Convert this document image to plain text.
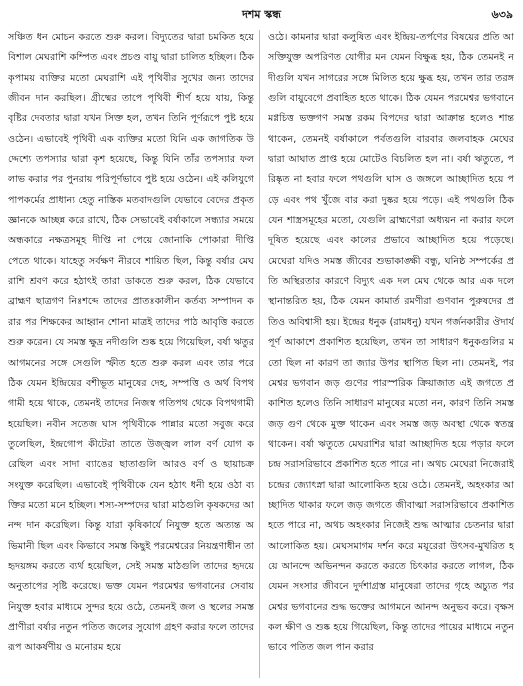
দশম স্কন্ধ	৬৩৯

সঞ্চিত ধন মোচন করতে শুরু করল। বিদ্যুতের দ্বারা চমকিত হয়ে বিশাল মেঘরাশি কম্পিত এবং প্রচণ্ড বায়ু দ্বারা চালিত হচ্ছিল। ঠিক কৃপাময় ব্যক্তির মতো মেঘরাশি এই পৃথিবীর সুখের জন্য তাদের জীবন দান করছিল। গ্রীষ্মের তাপে পৃথিবী শীর্ণ হয়ে যায়, কিন্তু বৃষ্টির দেবতার দ্বারা যখন সিক্ত হল, তখন তিনি পূর্ণরূপে পুষ্ট হয়ে ওঠেন। এভাবেই পৃথিবী এক ব্যক্তির মতো যিনি এক জাগতিক উদ্দেশ্যে তপস্যার দ্বারা কৃশ হয়েছে, কিন্তু যিনি তাঁর তপস্যার ফল লাভ করার পর পুনরায় পরিপূর্ণভাবে পুষ্ট হয়ে ওঠেন। এই কলিযুগে পাপকর্মের প্রাধান্য হেতু নাস্তিক মতবাদগুলি যেভাবে বেদের প্রকৃত জ্ঞানকে আচ্ছন্ন করে রাখে, ঠিক সেভাবেই বর্ষাকালে সন্ধ্যার সময়ে অন্ধকারে নক্ষত্রসমূহ দীপ্তি না পেয়ে জোনাকি পোকারা দীপ্তি পেতে থাকে। যাহেতু সর্বক্ষণ নীরবে শায়িত ছিল, কিন্তু বর্ষার মেঘরাশি শ্রবণ করে হঠাৎই তারা ডাকতে শুরু করল, ঠিক যেভাবে ব্রাহ্মণ ছাত্রগণ নিঃশব্দে তাদের প্রাতঃকালীন কর্তব্য সম্পাদন করার পর শিক্ষকের আহ্বান শোনা মাত্রই তাদের পাঠ আবৃত্তি করতে শুরু করেন। যে সমস্ত ক্ষুদ্র নদীগুলি শুষ্ক হয়ে গিয়েছিল, বর্ষা ঋতুর আগমনের সঙ্গে সেগুলি স্ফীত হতে শুরু করল এবং তার পরে ঠিক যেমন ইন্দ্রিয়ের বশীভূত মানুষের দেহ, সম্পত্তি ও অর্থ বিপথগামী হয়ে থাকে, তেমনই তাদের নিজস্ব গতিপথ থেকে বিপথগামী হয়েছিল। নবীন সতেজ ঘাস পৃথিবীকে পান্নার মতো সবুজ করে তুলেছিল, ইন্দ্রগোপ কীটেরা তাতে উজ্জ্বল লাল বর্ণ যোগ করেছিল এবং সাদা ব্যাঙের ছাতাগুলি আরও বর্ণ ও ছায়াচক্র সংযুক্ত করেছিল। এভাবেই পৃথিবীকে যেন হঠাৎ ধনী হয়ে ওঠা ব্যক্তির মতো মনে হচ্ছিল। শস্য-সম্পদের দ্বারা মাঠগুলি কৃষকদের আনন্দ দান করেছিল। কিন্তু যারা কৃষিকার্যে নিযুক্ত হতে অত্যন্ত অভিমানী ছিল এবং কিভাবে সমস্ত কিছুই পরমেশ্বরের নিয়ন্ত্রণাধীন তা হৃদয়ঙ্গম করতে ব্যর্থ হয়েছিল, সেই সমস্ত মাঠগুলি তাদের হৃদয়ে অনুতাপের সৃষ্টি করেছে। ভক্ত যেমন পরমেশ্বর ভগবানের সেবায় নিযুক্ত হবার মাধ্যমে সুন্দর হয়ে ওঠে, তেমনই জল ও স্থলের সমস্ত প্রাণীরা বর্ষার নতুন পতিত জলের সুযোগ গ্রহণ করার ফলে তাদের রূপ আকর্ষণীয় ও মনোরম হয়ে

ওঠে। কামনার দ্বারা কলুষিত এবং ইন্দ্রিয়-তর্পণের বিষয়ের প্রতি আসক্তিযুক্ত অপরিণত যোগীর মন যেমন বিক্ষুব্ধ হয়, ঠিক তেমনই নদীগুলি যখন সাগরের সঙ্গে মিলিত হয়ে ক্ষুব্ধ হয়, তখন তার তরঙ্গগুলি বায়ুবেগে প্রবাহিত হতে থাকে। ঠিক যেমন পরমেশ্বর ভগবানে মগ্নচিত্ত ভক্তগণ সমস্ত রকম বিপদের দ্বারা আক্রান্ত হলেও শান্ত থাকেন, তেমনই বর্ষাকালে পর্বতগুলি বারবার জলবাহক মেঘের দ্বারা আঘাত প্রাপ্ত হয়ে মোটেও বিচলিত হল না। বর্ষা ঋতুতে, পরিষ্কৃত না হবার ফলে পথগুলি ঘাস ও জঙ্গলে আচ্ছাদিত হয়ে পড়ে এবং পথ খুঁজে বার করা দুষ্কর হয়ে পড়ে। এই পথগুলি ঠিক যেন শাস্ত্রসমূহের মতো, যেগুলি ব্রাহ্মণেরা অধ্যয়ন না করার ফলে দূষিত হয়েছে এবং কালের প্রভাবে আচ্ছাদিত হয়ে পড়েছে। মেঘেরা যদিও সমস্ত জীবের শুভাকাঙ্ক্ষী বন্ধু, ঘনিষ্ঠ সম্পর্কের প্রতি অস্থিরতার কারণে বিদ্যুৎ এক দল মেঘ থেকে আর এক দলে স্থানান্তরিত হয়, ঠিক যেমন কামার্ত রমণীরা গুণবান পুরুষদের প্রতিও অবিশ্বাসী হয়। ইন্দ্রের ধনুক (রামধনু) যখন গর্জনকারীর ঔদার্যপূর্ণ আকাশে প্রকাশিত হয়েছিল, তখন তা সাধারণ ধনুকগুলির মতো ছিল না কারণ তা জ্যার উপর স্থাপিত ছিল না। তেমনই, পরমেশ্বর ভগবান জড় গুণের পারস্পরিক ক্রিয়াজাত এই জগতে প্রকাশিত হলেও তিনি সাধারণ মানুষের মতো নন, কারণ তিনি সমস্ত জড় গুণ থেকে মুক্ত থাকেন এবং সমস্ত জড় অবস্থা থেকে স্বতন্ত্র থাকেন। বর্ষা ঋতুতে মেঘরাশির দ্বারা আচ্ছাদিত হয়ে পড়ার ফলে চন্দ্র সরাসরিভাবে প্রকাশিত হতে পারে না। অথচ মেঘেরা নিজেরাই চন্দ্রের জ্যোৎস্না দ্বারা আলোকিত হয়ে ওঠে। তেমনই, অহংকার আচ্ছাদিত থাকার ফলে জড় জগতে জীবাত্মা সরাসরিভাবে প্রকাশিত হতে পারে না, অথচ অহংকার নিজেই শুদ্ধ আত্মার চেতনার দ্বারা আলোকিত হয়। মেঘসমাগম দর্শন করে ময়ূরেরা উৎসব-মুখরিত হয়ে আনন্দে অভিনন্দন করতে করতে চিৎকার করতে লাগল, ঠিক যেমন সংসার জীবনে দুর্দশাগ্রস্ত মানুষেরা তাদের গৃহে অচ্যুত পরমেশ্বর ভগবানের শুদ্ধ ভক্তের আগমনে আনন্দ অনুভব করে। বৃক্ষসকল ক্ষীণ ও শুষ্ক হয়ে গিয়েছিল, কিন্তু তাদের পায়ের মাধ্যমে নতুনভাবে পতিত জল পান করার
